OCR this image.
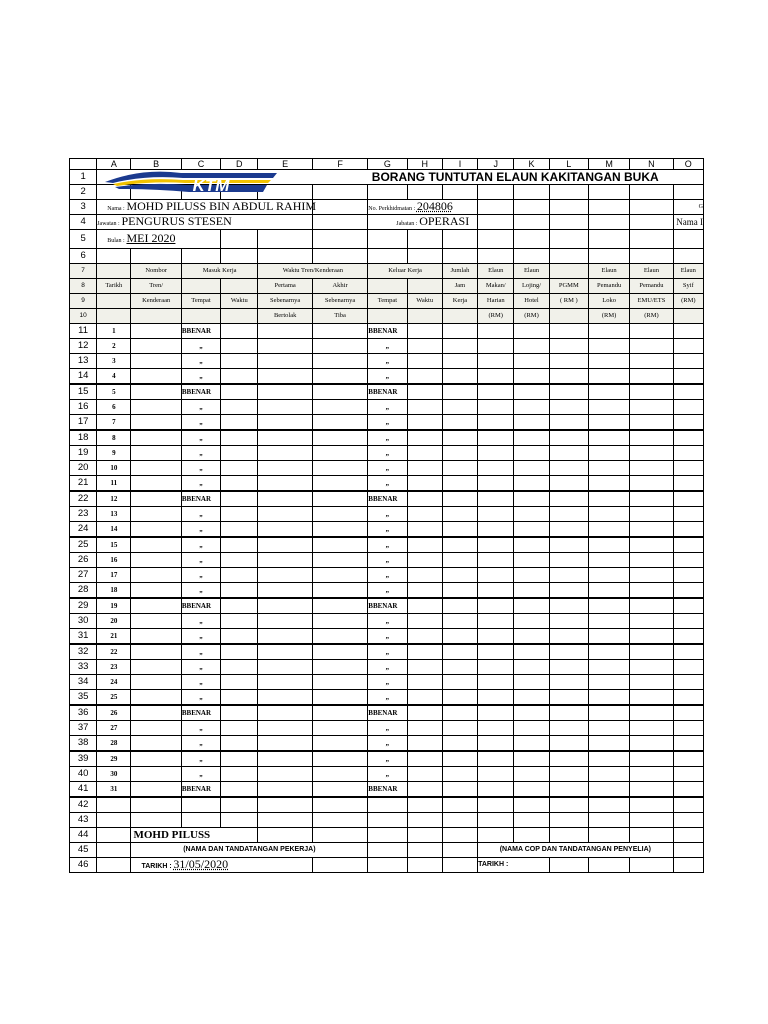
	A	B	C	D	E	F	G	H	I	J	K	L	M	N	O
1	KTM						BORANG TUNTUTAN ELAUN KAKITANGAN BUKA								
2															
3	Nama : MOHD PILUSS BIN ABDUL RAHIM						No. Perkhidmatan : 204806								G
4	Jawatan : PENGURUS STESEN						Jabatan : OPERASI								Nama I
5	Bulan : MEI 2020														
6															
7		Nombor	Masuk Kerja		Waktu Tren/Kenderaan		Keluar Kerja		Jumlah	Elaun	Elaun		Elaun	Elaun	Elaun
8	Tarikh	Tren/			Pertama	Akhir			Jam	Makan/	Lojing/	PGMM	Pemandu	Pemandu	Syif
9		Kenderaan	Tempat	Waktu	Sebenarnya	Sebenarnya	Tempat	Waktu	Kerja	Harian	Hotel	( RM )	Loko	EMU/ETS	(RM)
10					Bertolak	Tiba				(RM)	(RM)		(RM)	(RM)	
11	1		BBENAR				BBENAR								
12	2		„				„								
13	3		„				„								
14	4		„				„								
15	5		BBENAR				BBENAR								
16	6		„				„								
17	7		„				„								
18	8		„				„								
19	9		„				„								
20	10		„				„								
21	11		„				„								
22	12		BBENAR				BBENAR								
23	13		„				„								
24	14		„				„								
25	15		„				„								
26	16		„				„								
27	17		„				„								
28	18		„				„								
29	19		BBENAR				BBENAR								
30	20		„				„								
31	21		„				„								
32	22		„				„								
33	23		„				„								
34	24		„				„								
35	25		„				„								
36	26		BBENAR				BBENAR								
37	27		„				„								
38	28		„				„								
39	29		„				„								
40	30		„				„								
41	31		BBENAR				BBENAR								
42															
43															
44		MOHD PILUSS													
45		(NAMA DAN TANDATANGAN PEKERJA)								(NAMA COP DAN TANDATANGAN PENYELIA)					
46		TARIKH : 31/05/2020								TARIKH :					
